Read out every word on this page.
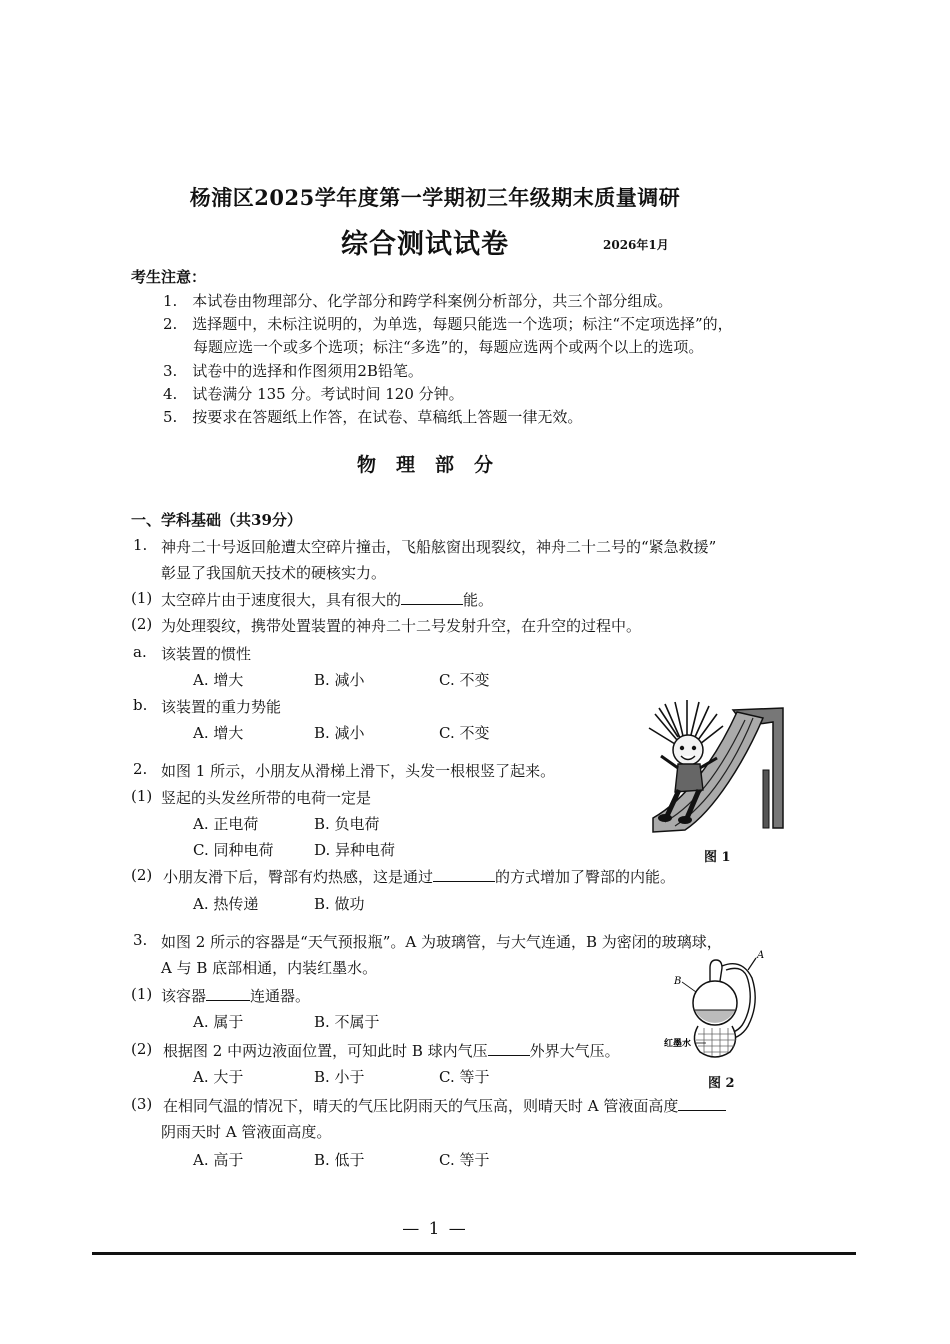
杨浦区2025学年度第一学期初三年级期末质量调研
综合测试试卷	2026年1月
考生注意：
1.　本试卷由物理部分、化学部分和跨学科案例分析部分，共三个部分组成。
2.　选择题中，未标注说明的，为单选，每题只能选一个选项；标注“不定项选择”的，
每题应选一个或多个选项；标注“多选”的，每题应选两个或两个以上的选项。
3.　试卷中的选择和作图须用2B铅笔。
4.　试卷满分 135 分。考试时间 120 分钟。
5.　按要求在答题纸上作答，在试卷、草稿纸上答题一律无效。
物理部分
一、学科基础（共39分）
1. 神舟二十号返回舱遭太空碎片撞击，飞船舷窗出现裂纹，神舟二十二号的“紧急救援”
彰显了我国航天技术的硬核实力。
(1) 太空碎片由于速度很大，具有很大的	能。
(2) 为处理裂纹，携带处置装置的神舟二十二号发射升空，在升空的过程中。
a. 该装置的惯性
A. 增大	B. 减小	C. 不变
b. 该装置的重力势能
A. 增大	B. 减小	C. 不变
2. 如图 1 所示，小朋友从滑梯上滑下，头发一根根竖了起来。
(1) 竖起的头发丝所带的电荷一定是
A. 正电荷	B. 负电荷
C. 同种电荷	D. 异种电荷
(2) 小朋友滑下后，臀部有灼热感，这是通过	的方式增加了臀部的内能。
A. 热传递	B. 做功
图 1
3. 如图 2 所示的容器是“天气预报瓶”。A 为玻璃管，与大气连通，B 为密闭的玻璃球，
A 与 B 底部相通，内装红墨水。
(1) 该容器	连通器。
A. 属于	B. 不属于
(2) 根据图 2 中两边液面位置，可知此时 B 球内气压	外界大气压。
A. 大于	B. 小于	C. 等于
(3) 在相同气温的情况下，晴天的气压比阴雨天的气压高，则晴天时 A 管液面高度
阴雨天时 A 管液面高度。
A. 高于	B. 低于	C. 等于
B
A
红墨水
图 2
— 1 —
